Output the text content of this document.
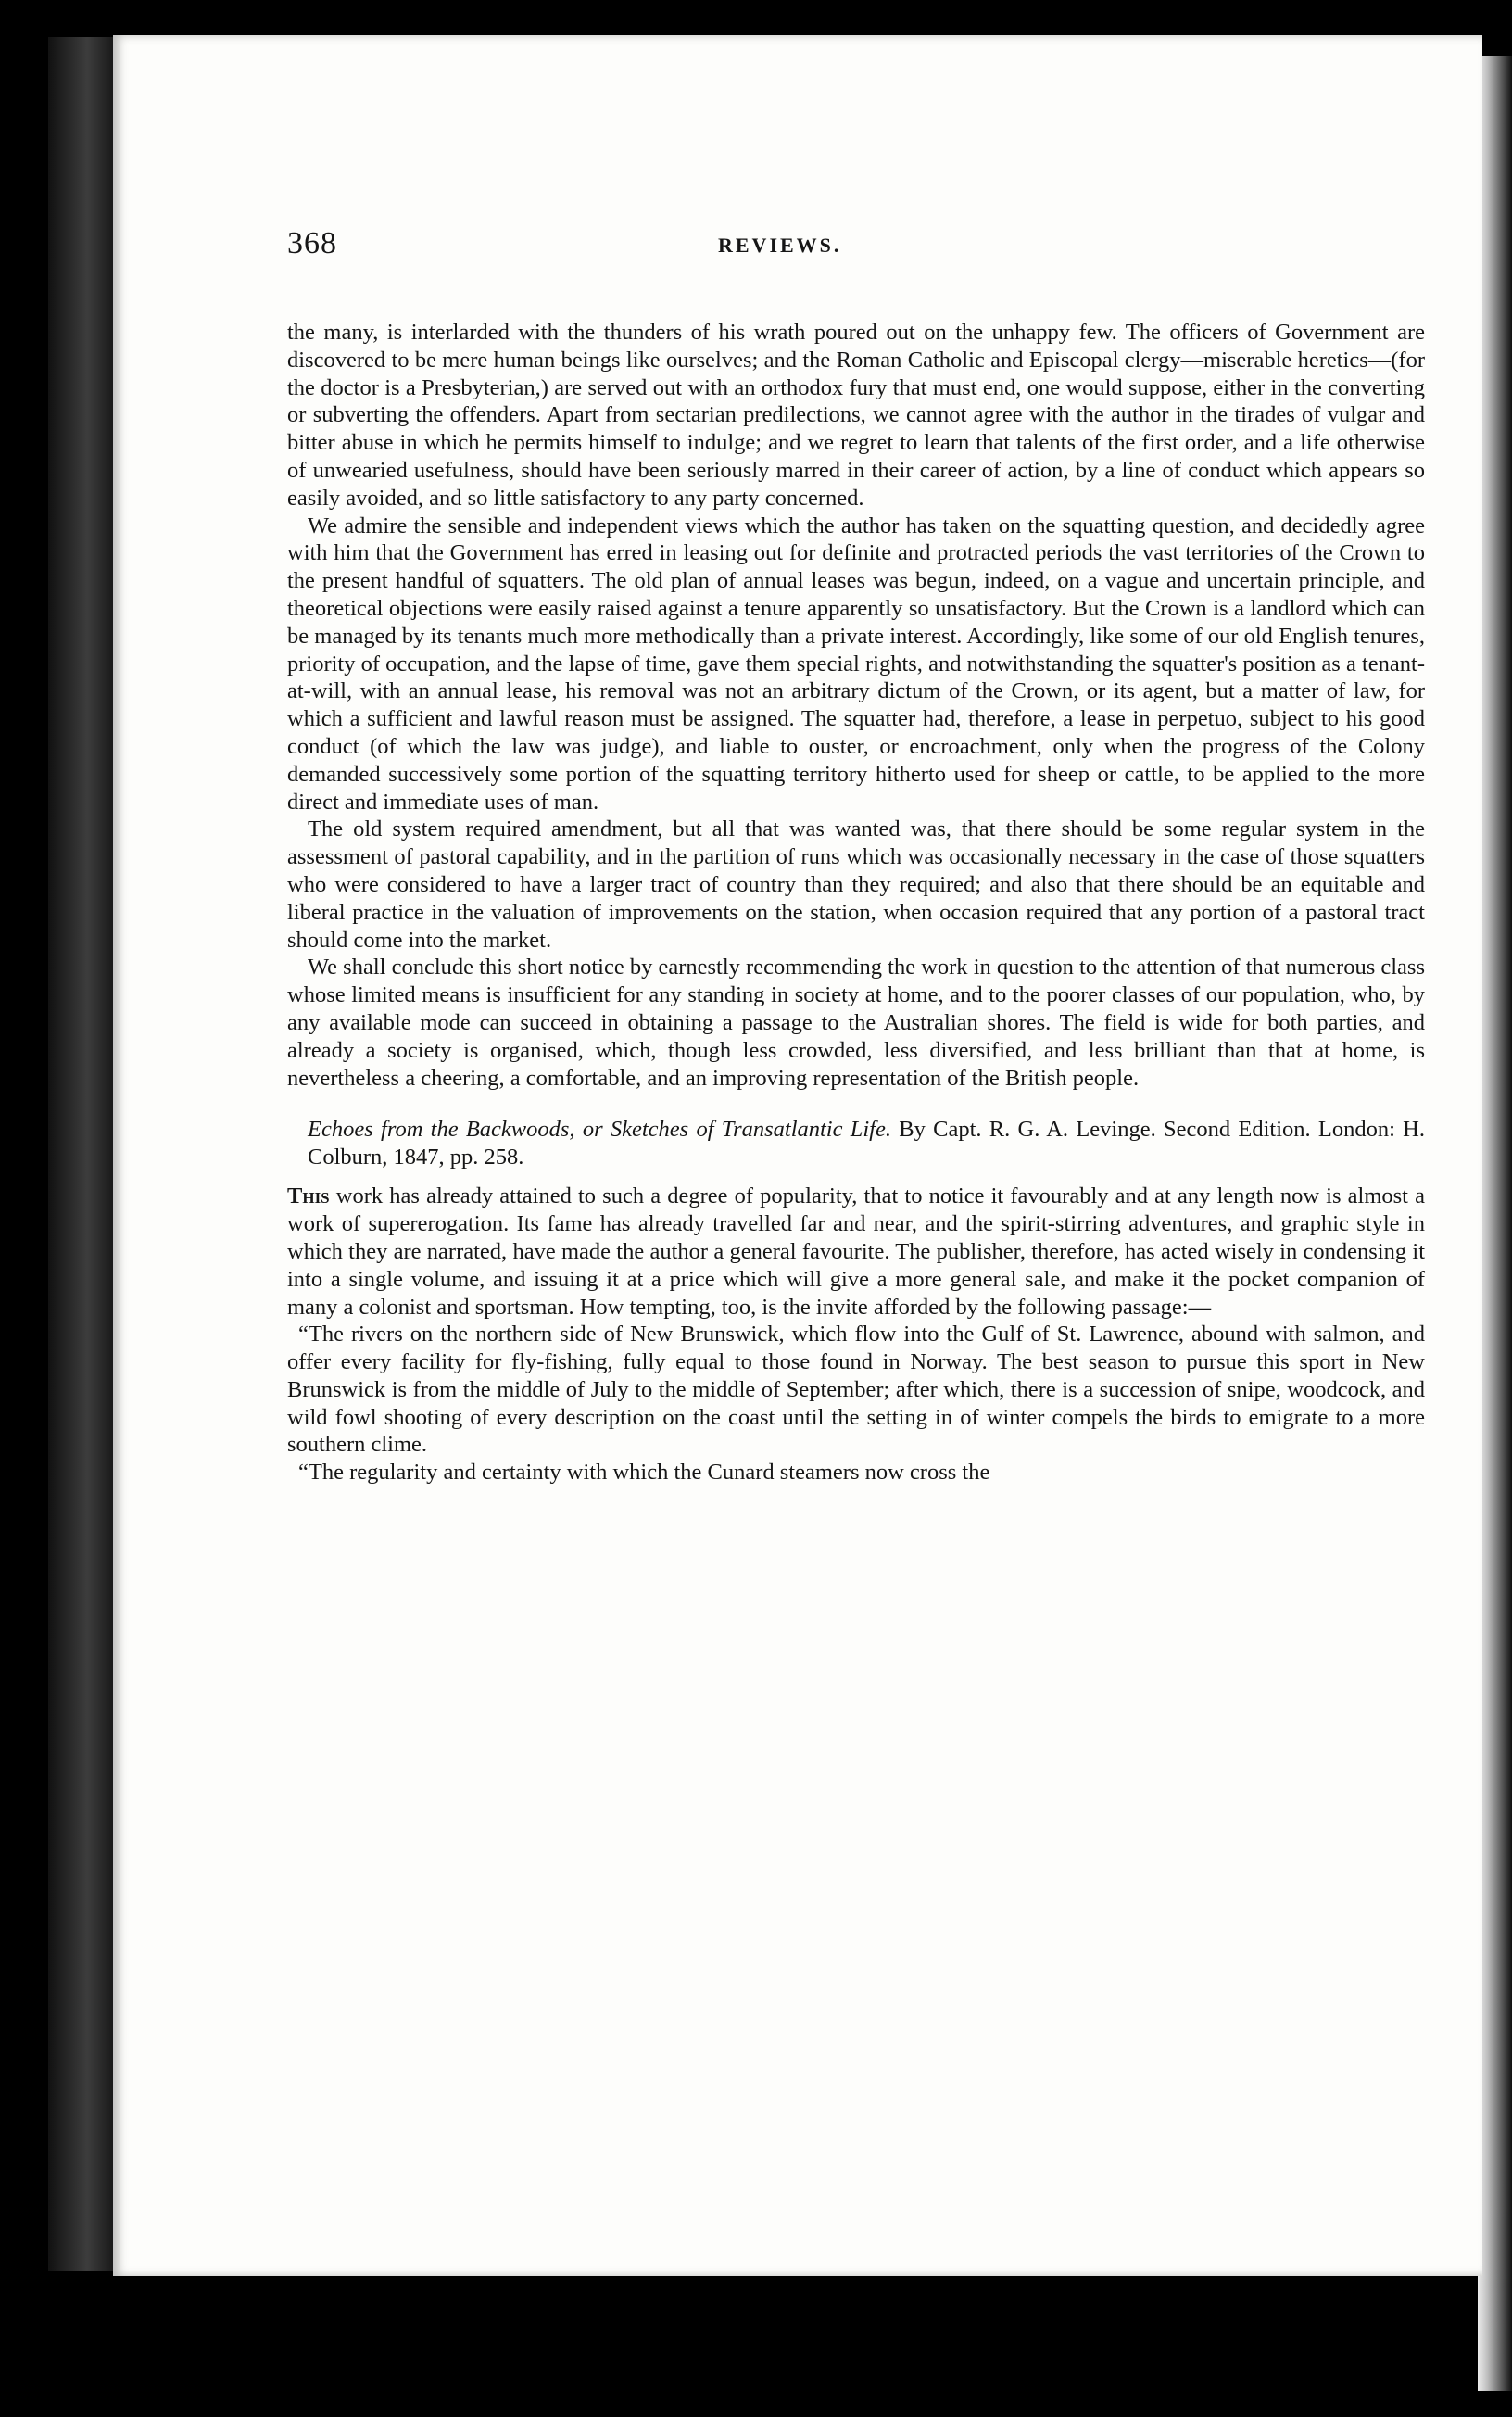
368	REVIEWS.

the many, is interlarded with the thunders of his wrath poured out on the unhappy few. The officers of Government are discovered to be mere human beings like ourselves; and the Roman Catholic and Episcopal clergy—miserable heretics—(for the doctor is a Presbyterian,) are served out with an orthodox fury that must end, one would suppose, either in the converting or subverting the offenders. Apart from sectarian predilections, we cannot agree with the author in the tirades of vulgar and bitter abuse in which he permits himself to indulge; and we regret to learn that talents of the first order, and a life otherwise of unwearied usefulness, should have been seriously marred in their career of action, by a line of conduct which appears so easily avoided, and so little satisfactory to any party concerned.

We admire the sensible and independent views which the author has taken on the squatting question, and decidedly agree with him that the Government has erred in leasing out for definite and protracted periods the vast territories of the Crown to the present handful of squatters. The old plan of annual leases was begun, indeed, on a vague and uncertain principle, and theoretical objections were easily raised against a tenure apparently so unsatisfactory. But the Crown is a landlord which can be managed by its tenants much more methodically than a private interest. Accordingly, like some of our old English tenures, priority of occupation, and the lapse of time, gave them special rights, and notwithstanding the squatter's position as a tenant-at-will, with an annual lease, his removal was not an arbitrary dictum of the Crown, or its agent, but a matter of law, for which a sufficient and lawful reason must be assigned. The squatter had, therefore, a lease in perpetuo, subject to his good conduct (of which the law was judge), and liable to ouster, or encroachment, only when the progress of the Colony demanded successively some portion of the squatting territory hitherto used for sheep or cattle, to be applied to the more direct and immediate uses of man.

The old system required amendment, but all that was wanted was, that there should be some regular system in the assessment of pastoral capability, and in the partition of runs which was occasionally necessary in the case of those squatters who were considered to have a larger tract of country than they required; and also that there should be an equitable and liberal practice in the valuation of improvements on the station, when occasion required that any portion of a pastoral tract should come into the market.

We shall conclude this short notice by earnestly recommending the work in question to the attention of that numerous class whose limited means is insufficient for any standing in society at home, and to the poorer classes of our population, who, by any available mode can succeed in obtaining a passage to the Australian shores. The field is wide for both parties, and already a society is organised, which, though less crowded, less diversified, and less brilliant than that at home, is nevertheless a cheering, a comfortable, and an improving representation of the British people.

Echoes from the Backwoods, or Sketches of Transatlantic Life. By Capt. R. G. A. Levinge. Second Edition. London: H. Colburn, 1847, pp. 258.

This work has already attained to such a degree of popularity, that to notice it favourably and at any length now is almost a work of supererogation. Its fame has already travelled far and near, and the spirit-stirring adventures, and graphic style in which they are narrated, have made the author a general favourite. The publisher, therefore, has acted wisely in condensing it into a single volume, and issuing it at a price which will give a more general sale, and make it the pocket companion of many a colonist and sportsman. How tempting, too, is the invite afforded by the following passage:—

“The rivers on the northern side of New Brunswick, which flow into the Gulf of St. Lawrence, abound with salmon, and offer every facility for fly-fishing, fully equal to those found in Norway. The best season to pursue this sport in New Brunswick is from the middle of July to the middle of September; after which, there is a succession of snipe, woodcock, and wild fowl shooting of every description on the coast until the setting in of winter compels the birds to emigrate to a more southern clime.

“The regularity and certainty with which the Cunard steamers now cross the
